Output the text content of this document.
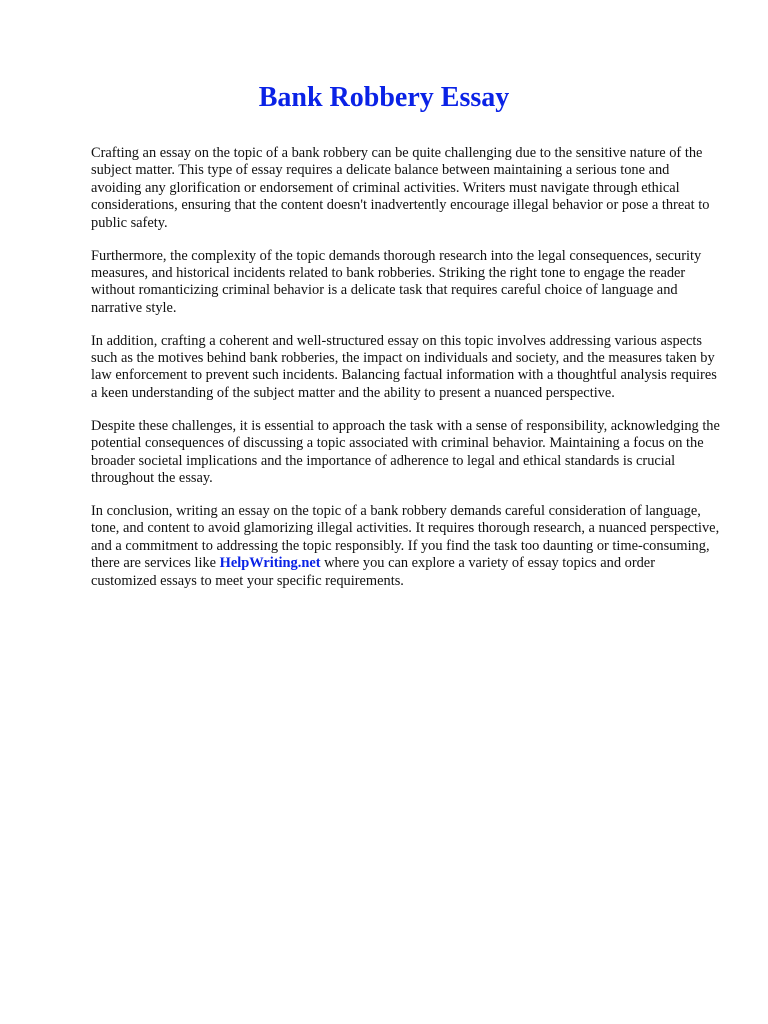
Bank Robbery Essay

Crafting an essay on the topic of a bank robbery can be quite challenging due to the sensitive nature of the subject matter. This type of essay requires a delicate balance between maintaining a serious tone and avoiding any glorification or endorsement of criminal activities. Writers must navigate through ethical considerations, ensuring that the content doesn't inadvertently encourage illegal behavior or pose a threat to public safety.

Furthermore, the complexity of the topic demands thorough research into the legal consequences, security measures, and historical incidents related to bank robberies. Striking the right tone to engage the reader without romanticizing criminal behavior is a delicate task that requires careful choice of language and narrative style.

In addition, crafting a coherent and well-structured essay on this topic involves addressing various aspects such as the motives behind bank robberies, the impact on individuals and society, and the measures taken by law enforcement to prevent such incidents. Balancing factual information with a thoughtful analysis requires a keen understanding of the subject matter and the ability to present a nuanced perspective.

Despite these challenges, it is essential to approach the task with a sense of responsibility, acknowledging the potential consequences of discussing a topic associated with criminal behavior. Maintaining a focus on the broader societal implications and the importance of adherence to legal and ethical standards is crucial throughout the essay.

In conclusion, writing an essay on the topic of a bank robbery demands careful consideration of language, tone, and content to avoid glamorizing illegal activities. It requires thorough research, a nuanced perspective, and a commitment to addressing the topic responsibly. If you find the task too daunting or time-consuming, there are services like HelpWriting.net where you can explore a variety of essay topics and order customized essays to meet your specific requirements.
